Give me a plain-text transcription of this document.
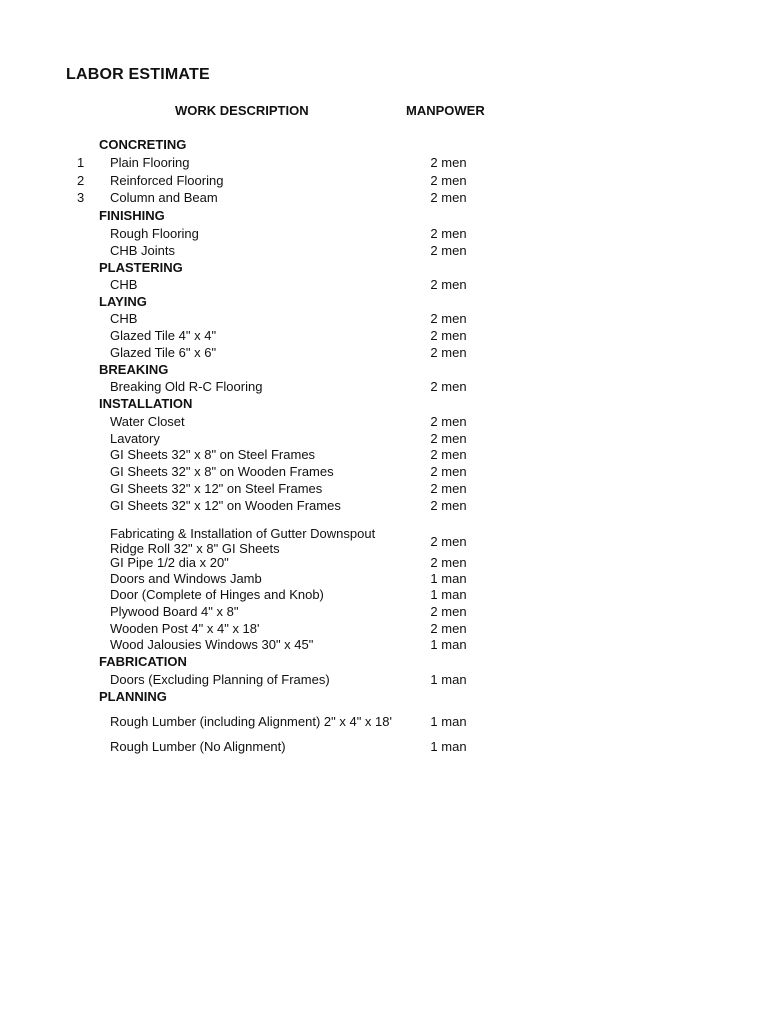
LABOR ESTIMATE
WORK DESCRIPTION	MANPOWER
CONCRETING
1	Plain Flooring	2 men
2	Reinforced Flooring	2 men
3	Column and Beam	2 men
FINISHING
Rough Flooring	2 men
CHB Joints	2 men
PLASTERING
CHB	2 men
LAYING
CHB	2 men
Glazed Tile 4" x 4"	2 men
Glazed Tile 6" x 6"	2 men
BREAKING
Breaking Old R-C Flooring	2 men
INSTALLATION
Water Closet	2 men
Lavatory	2 men
GI Sheets 32" x 8" on Steel Frames	2 men
GI Sheets 32" x 8" on Wooden Frames	2 men
GI Sheets 32" x 12" on Steel Frames	2 men
GI Sheets 32" x 12" on Wooden Frames	2 men
Fabricating & Installation of Gutter Downspout Ridge Roll 32" x 8" GI Sheets	2 men
GI Pipe 1/2 dia x 20"	2 men
Doors and Windows Jamb	1 man
Door (Complete of Hinges and Knob)	1 man
Plywood Board 4" x 8"	2 men
Wooden Post 4" x 4" x 18'	2 men
Wood Jalousies Windows 30" x 45"	1 man
FABRICATION
Doors (Excluding Planning of Frames)	1 man
PLANNING
Rough Lumber (including Alignment) 2" x 4" x 18'	1 man
Rough Lumber (No Alignment)	1 man
